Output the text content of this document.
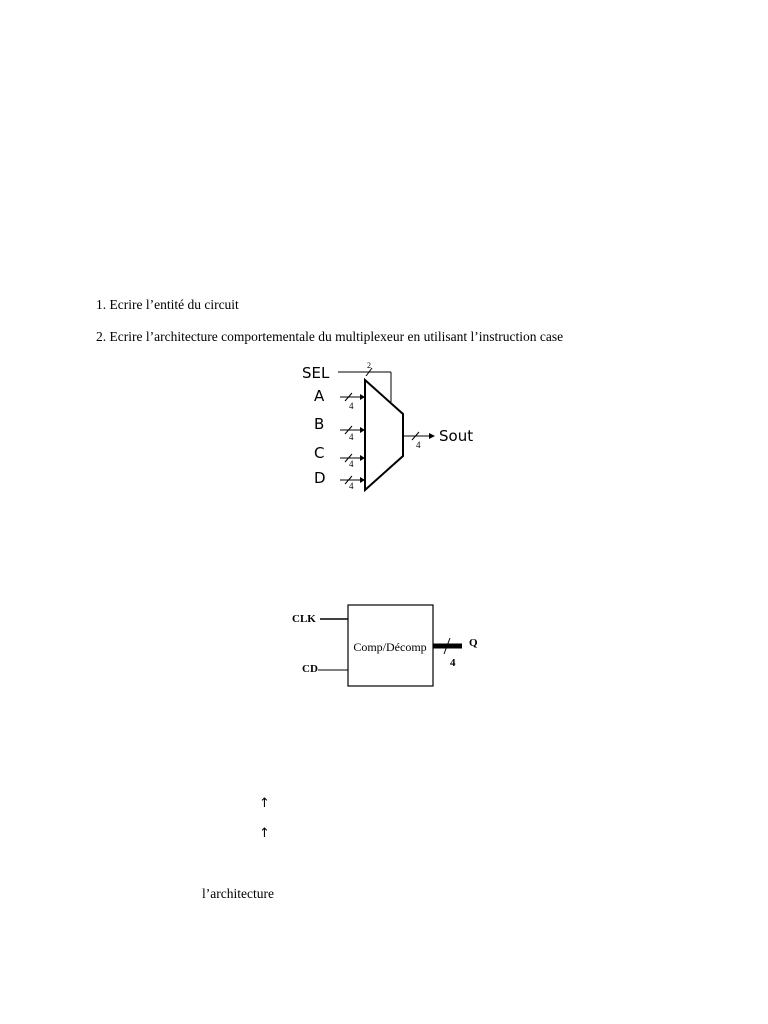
1. Ecrire l’entité du circuit
2. Ecrire l’architecture comportementale du multiplexeur en utilisant l’instruction case
SEL	2
A
4
B
4
C
4
D	4
4 Sout
CLK
CD
Comp/Décomp
4
Q
↑
↑
l’architecture
